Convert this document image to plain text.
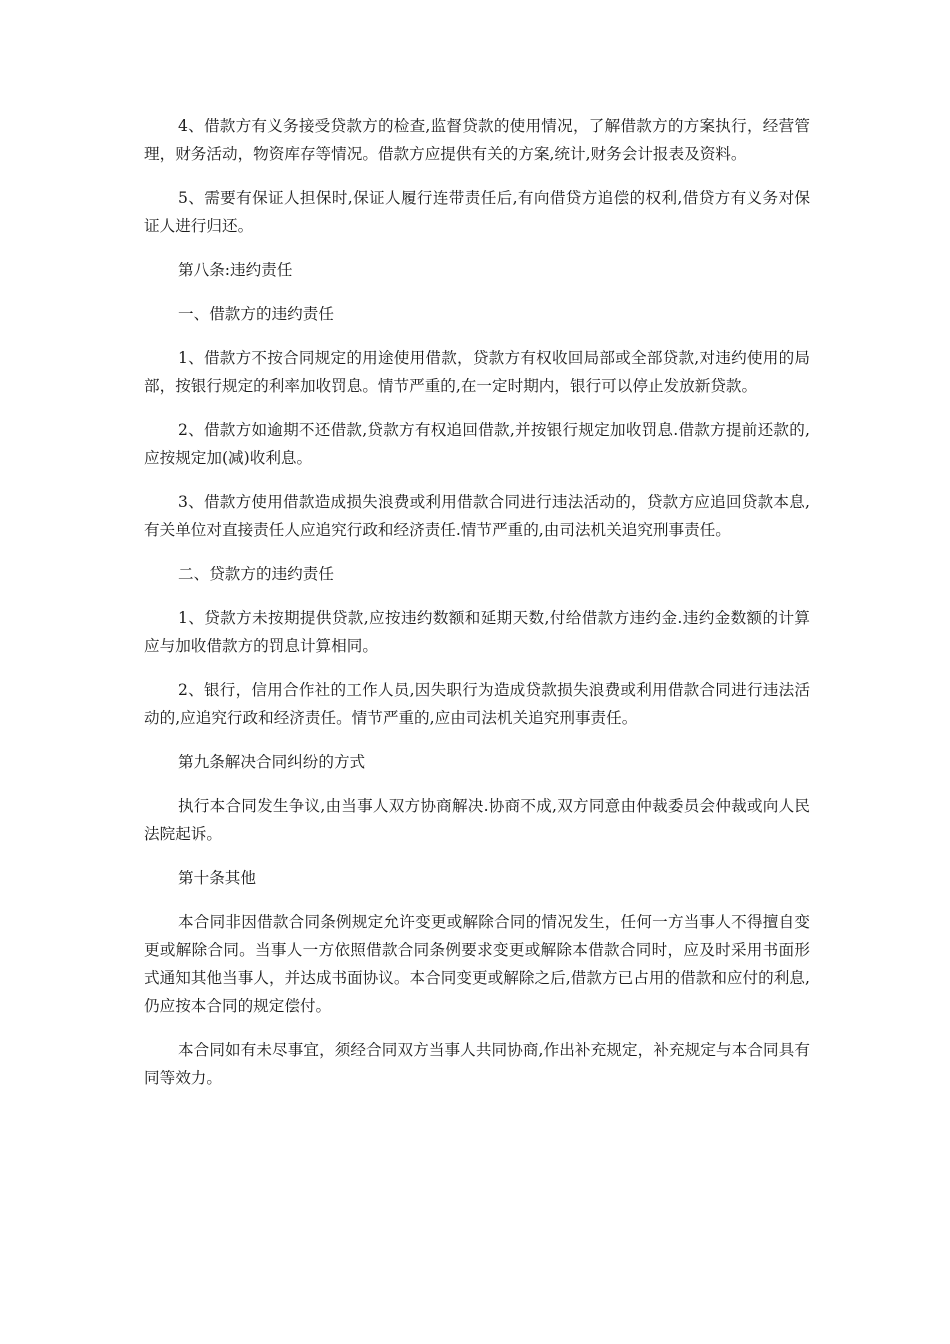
4、借款方有义务接受贷款方的检查,监督贷款的使用情况，了解借款方的方案执行，经营管理，财务活动，物资库存等情况。借款方应提供有关的方案,统计,财务会计报表及资料。

5、需要有保证人担保时,保证人履行连带责任后,有向借贷方追偿的权利,借贷方有义务对保证人进行归还。

第八条:违约责任

一、借款方的违约责任

1、借款方不按合同规定的用途使用借款，贷款方有权收回局部或全部贷款,对违约使用的局部，按银行规定的利率加收罚息。情节严重的,在一定时期内，银行可以停止发放新贷款。

2、借款方如逾期不还借款,贷款方有权追回借款,并按银行规定加收罚息.借款方提前还款的,应按规定加(减)收利息。

3、借款方使用借款造成损失浪费或利用借款合同进行违法活动的，贷款方应追回贷款本息,有关单位对直接责任人应追究行政和经济责任.情节严重的,由司法机关追究刑事责任。

二、贷款方的违约责任

1、贷款方未按期提供贷款,应按违约数额和延期天数,付给借款方违约金.违约金数额的计算应与加收借款方的罚息计算相同。

2、银行，信用合作社的工作人员,因失职行为造成贷款损失浪费或利用借款合同进行违法活动的,应追究行政和经济责任。情节严重的,应由司法机关追究刑事责任。

第九条解决合同纠纷的方式

执行本合同发生争议,由当事人双方协商解决.协商不成,双方同意由仲裁委员会仲裁或向人民法院起诉。

第十条其他

本合同非因借款合同条例规定允许变更或解除合同的情况发生，任何一方当事人不得擅自变更或解除合同。当事人一方依照借款合同条例要求变更或解除本借款合同时，应及时采用书面形式通知其他当事人，并达成书面协议。本合同变更或解除之后,借款方已占用的借款和应付的利息,仍应按本合同的规定偿付。

本合同如有未尽事宜，须经合同双方当事人共同协商,作出补充规定，补充规定与本合同具有同等效力。
